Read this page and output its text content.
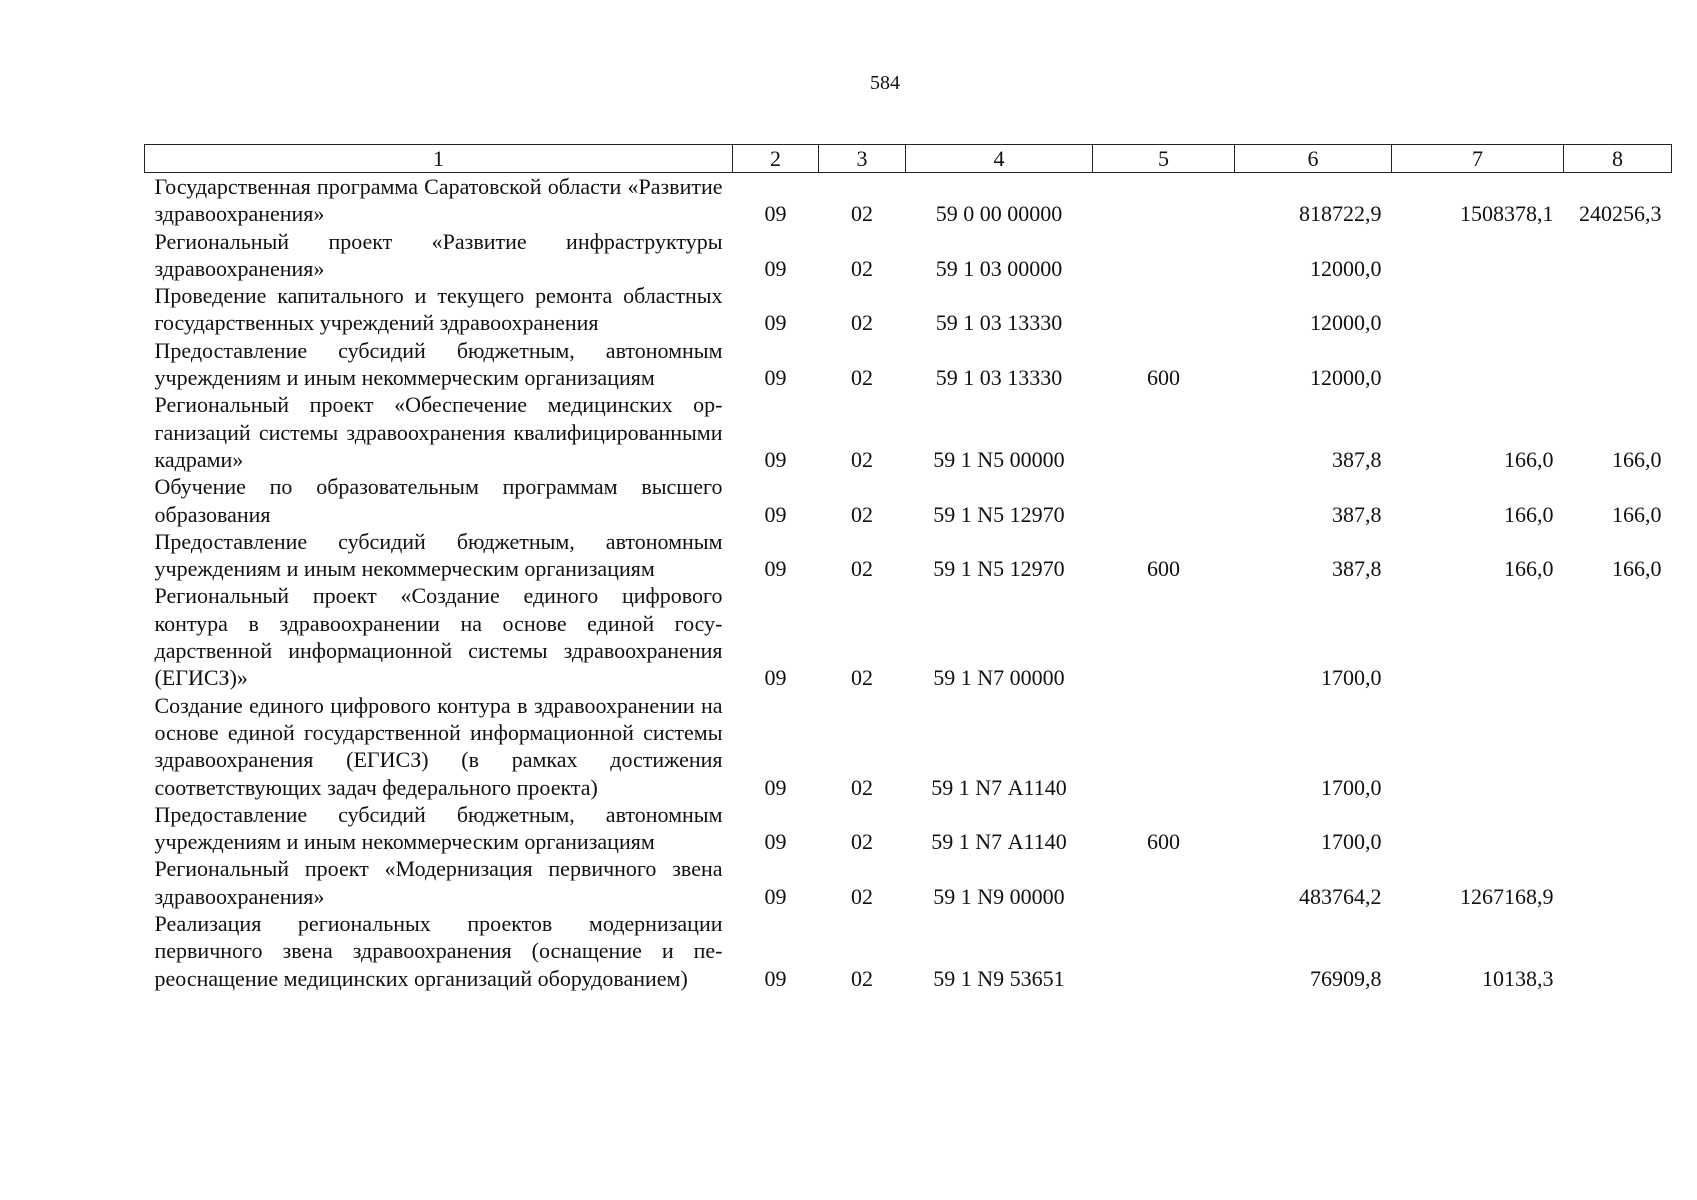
584
1	2	3	4	5	6	7	8
Государственная программа Саратовской области «Развитие здравоохранения»	09	02	59 0 00 00000		818722,9	1508378,1	240256,3
Региональный проект «Развитие инфраструктуры здравоохранения»	09	02	59 1 03 00000		12000,0		
Проведение капитального и текущего ремонта областных государственных учреждений здравоохранения	09	02	59 1 03 13330		12000,0		
Предоставление субсидий бюджетным, автономным учреждениям и иным некоммерческим организациям	09	02	59 1 03 13330	600	12000,0		
Региональный проект «Обеспечение медицинских организаций системы здравоохранения квалифицированными кадрами»	09	02	59 1 N5 00000		387,8	166,0	166,0
Обучение по образовательным программам высшего образования	09	02	59 1 N5 12970		387,8	166,0	166,0
Предоставление субсидий бюджетным, автономным учреждениям и иным некоммерческим организациям	09	02	59 1 N5 12970	600	387,8	166,0	166,0
Региональный проект «Создание единого цифрового контура в здравоохранении на основе единой государственной информационной системы здравоохранения (ЕГИСЗ)»	09	02	59 1 N7 00000		1700,0		
Создание единого цифрового контура в здравоохранении на основе единой государственной информационной системы здравоохранения (ЕГИСЗ) (в рамках достижения соответствующих задач федерального проекта)	09	02	59 1 N7 А1140		1700,0		
Предоставление субсидий бюджетным, автономным учреждениям и иным некоммерческим организациям	09	02	59 1 N7 А1140	600	1700,0		
Региональный проект «Модернизация первичного звена здравоохранения»	09	02	59 1 N9 00000		483764,2	1267168,9	
Реализация региональных проектов модернизации первичного звена здравоохранения (оснащение и переоснащение медицинских организаций оборудованием)	09	02	59 1 N9 53651		76909,8	10138,3	
